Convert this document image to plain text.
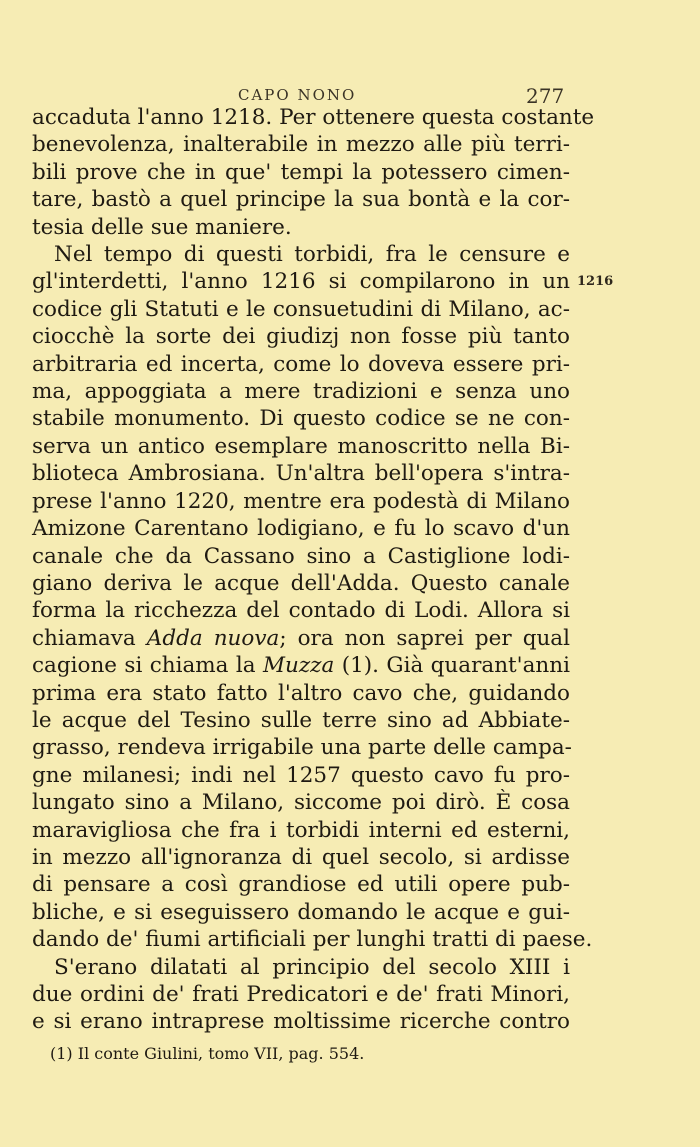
CAPO NONO	277
1216
accaduta l'anno 1218. Per ottenere questa costante
benevolenza, inalterabile in mezzo alle più terri-
bili prove che in que' tempi la potessero cimen-
tare, bastò a quel principe la sua bontà e la cor-
tesia delle sue maniere.
Nel tempo di questi torbidi, fra le censure e
gl'interdetti, l'anno 1216 si compilarono in un
codice gli Statuti e le consuetudini di Milano, ac-
ciocchè la sorte dei giudizj non fosse più tanto
arbitraria ed incerta, come lo doveva essere pri-
ma, appoggiata a mere tradizioni e senza uno
stabile monumento. Di questo codice se ne con-
serva un antico esemplare manoscritto nella Bi-
blioteca Ambrosiana. Un'altra bell'opera s'intra-
prese l'anno 1220, mentre era podestà di Milano
Amizone Carentano lodigiano, e fu lo scavo d'un
canale che da Cassano sino a Castiglione lodi-
giano deriva le acque dell'Adda. Questo canale
forma la ricchezza del contado di Lodi. Allora si
chiamava Adda nuova; ora non saprei per qual
cagione si chiama la Muzza (1). Già quarant'anni
prima era stato fatto l'altro cavo che, guidando
le acque del Tesino sulle terre sino ad Abbiate-
grasso, rendeva irrigabile una parte delle campa-
gne milanesi; indi nel 1257 questo cavo fu pro-
lungato sino a Milano, siccome poi dirò. È cosa
maravigliosa che fra i torbidi interni ed esterni,
in mezzo all'ignoranza di quel secolo, si ardisse
di pensare a così grandiose ed utili opere pub-
bliche, e si eseguissero domando le acque e gui-
dando de' fiumi artificiali per lunghi tratti di paese.
S'erano dilatati al principio del secolo XIII i
due ordini de' frati Predicatori e de' frati Minori,
e si erano intraprese moltissime ricerche contro
(1) Il conte Giulini, tomo VII, pag. 554.
